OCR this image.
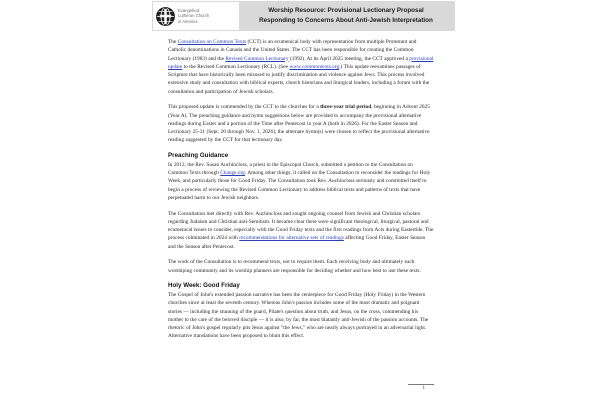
Evangelical
Lutheran Church
in America
Worship Resource: Provisional Lectionary Proposal
Responding to Concerns About Anti-Jewish Interpretation

The Consultation on Common Texts (CCT) is an ecumenical body with representation from multiple Protestant and Catholic denominations in Canada and the United States. The CCT has been responsible for creating the Common Lectionary (1983) and the Revised Common Lectionary (1992). At its April 2025 meeting, the CCT approved a provisional update to the Revised Common Lectionary (RCL). (See www.commontexts.org.) This update reexamines passages of Scripture that have historically been misused to justify discrimination and violence against Jews. This process involved extensive study and consultation with biblical experts, church historians and liturgical leaders, including a forum with the consultation and participation of Jewish scholars.

This proposed update is commended by the CCT to the churches for a three-year trial period, beginning in Advent 2025 (Year A). The preaching guidance and hymn suggestions below are provided to accompany the provisional alternative readings during Easter and a portion of the Time after Pentecost in year A (both in 2026). For the Easter Season and Lectionary 25-31 (Sept. 20 through Nov. 1, 2026), the alternate hymn(s) were chosen to reflect the provisional alternative reading suggested by the CCT for that lectionary day.

Preaching Guidance

In 2012, the Rev. Susan Auchincloss, a priest in the Episcopal Church, submitted a petition to the Consultation on Common Texts through Change.org. Among other things, it called on the Consultation to reconsider the readings for Holy Week, and particularly those for Good Friday. The Consultation took Rev. Auchincloss seriously and committed itself to begin a process of reviewing the Revised Common Lectionary to address biblical texts and patterns of texts that have perpetuated harm to our Jewish neighbors.

The Consultation met directly with Rev. Auchincloss and sought ongoing counsel from Jewish and Christian scholars regarding Judaism and Christian anti-Semitism. It became clear there were significant theological, liturgical, pastoral and ecumenical issues to consider, especially with the Good Friday texts and the first readings from Acts during Eastertide. The process culminated in 2024 with recommendations for alternative sets of readings affecting Good Friday, Easter Season and the Season after Pentecost.

The work of the Consultation is to recommend texts, not to require them. Each receiving body and ultimately each worshiping community and its worship planners are responsible for deciding whether and how best to use these texts.

Holy Week: Good Friday

The Gospel of John's extended passion narrative has been the centerpiece for Good Friday (Holy Friday) in the Western churches since at least the seventh century. Whereas John's passion includes some of the most dramatic and poignant stories — including the stunning of the guard, Pilate's question about truth, and Jesus, on the cross, commending his mother to the care of the beloved disciple — it is also, by far, the most blatantly anti-Jewish of the passion accounts. The rhetoric of John's gospel regularly pits Jesus against "the Jews," who are nearly always portrayed in an adversarial light. Alternative translations have been proposed to blunt this effect.

1
